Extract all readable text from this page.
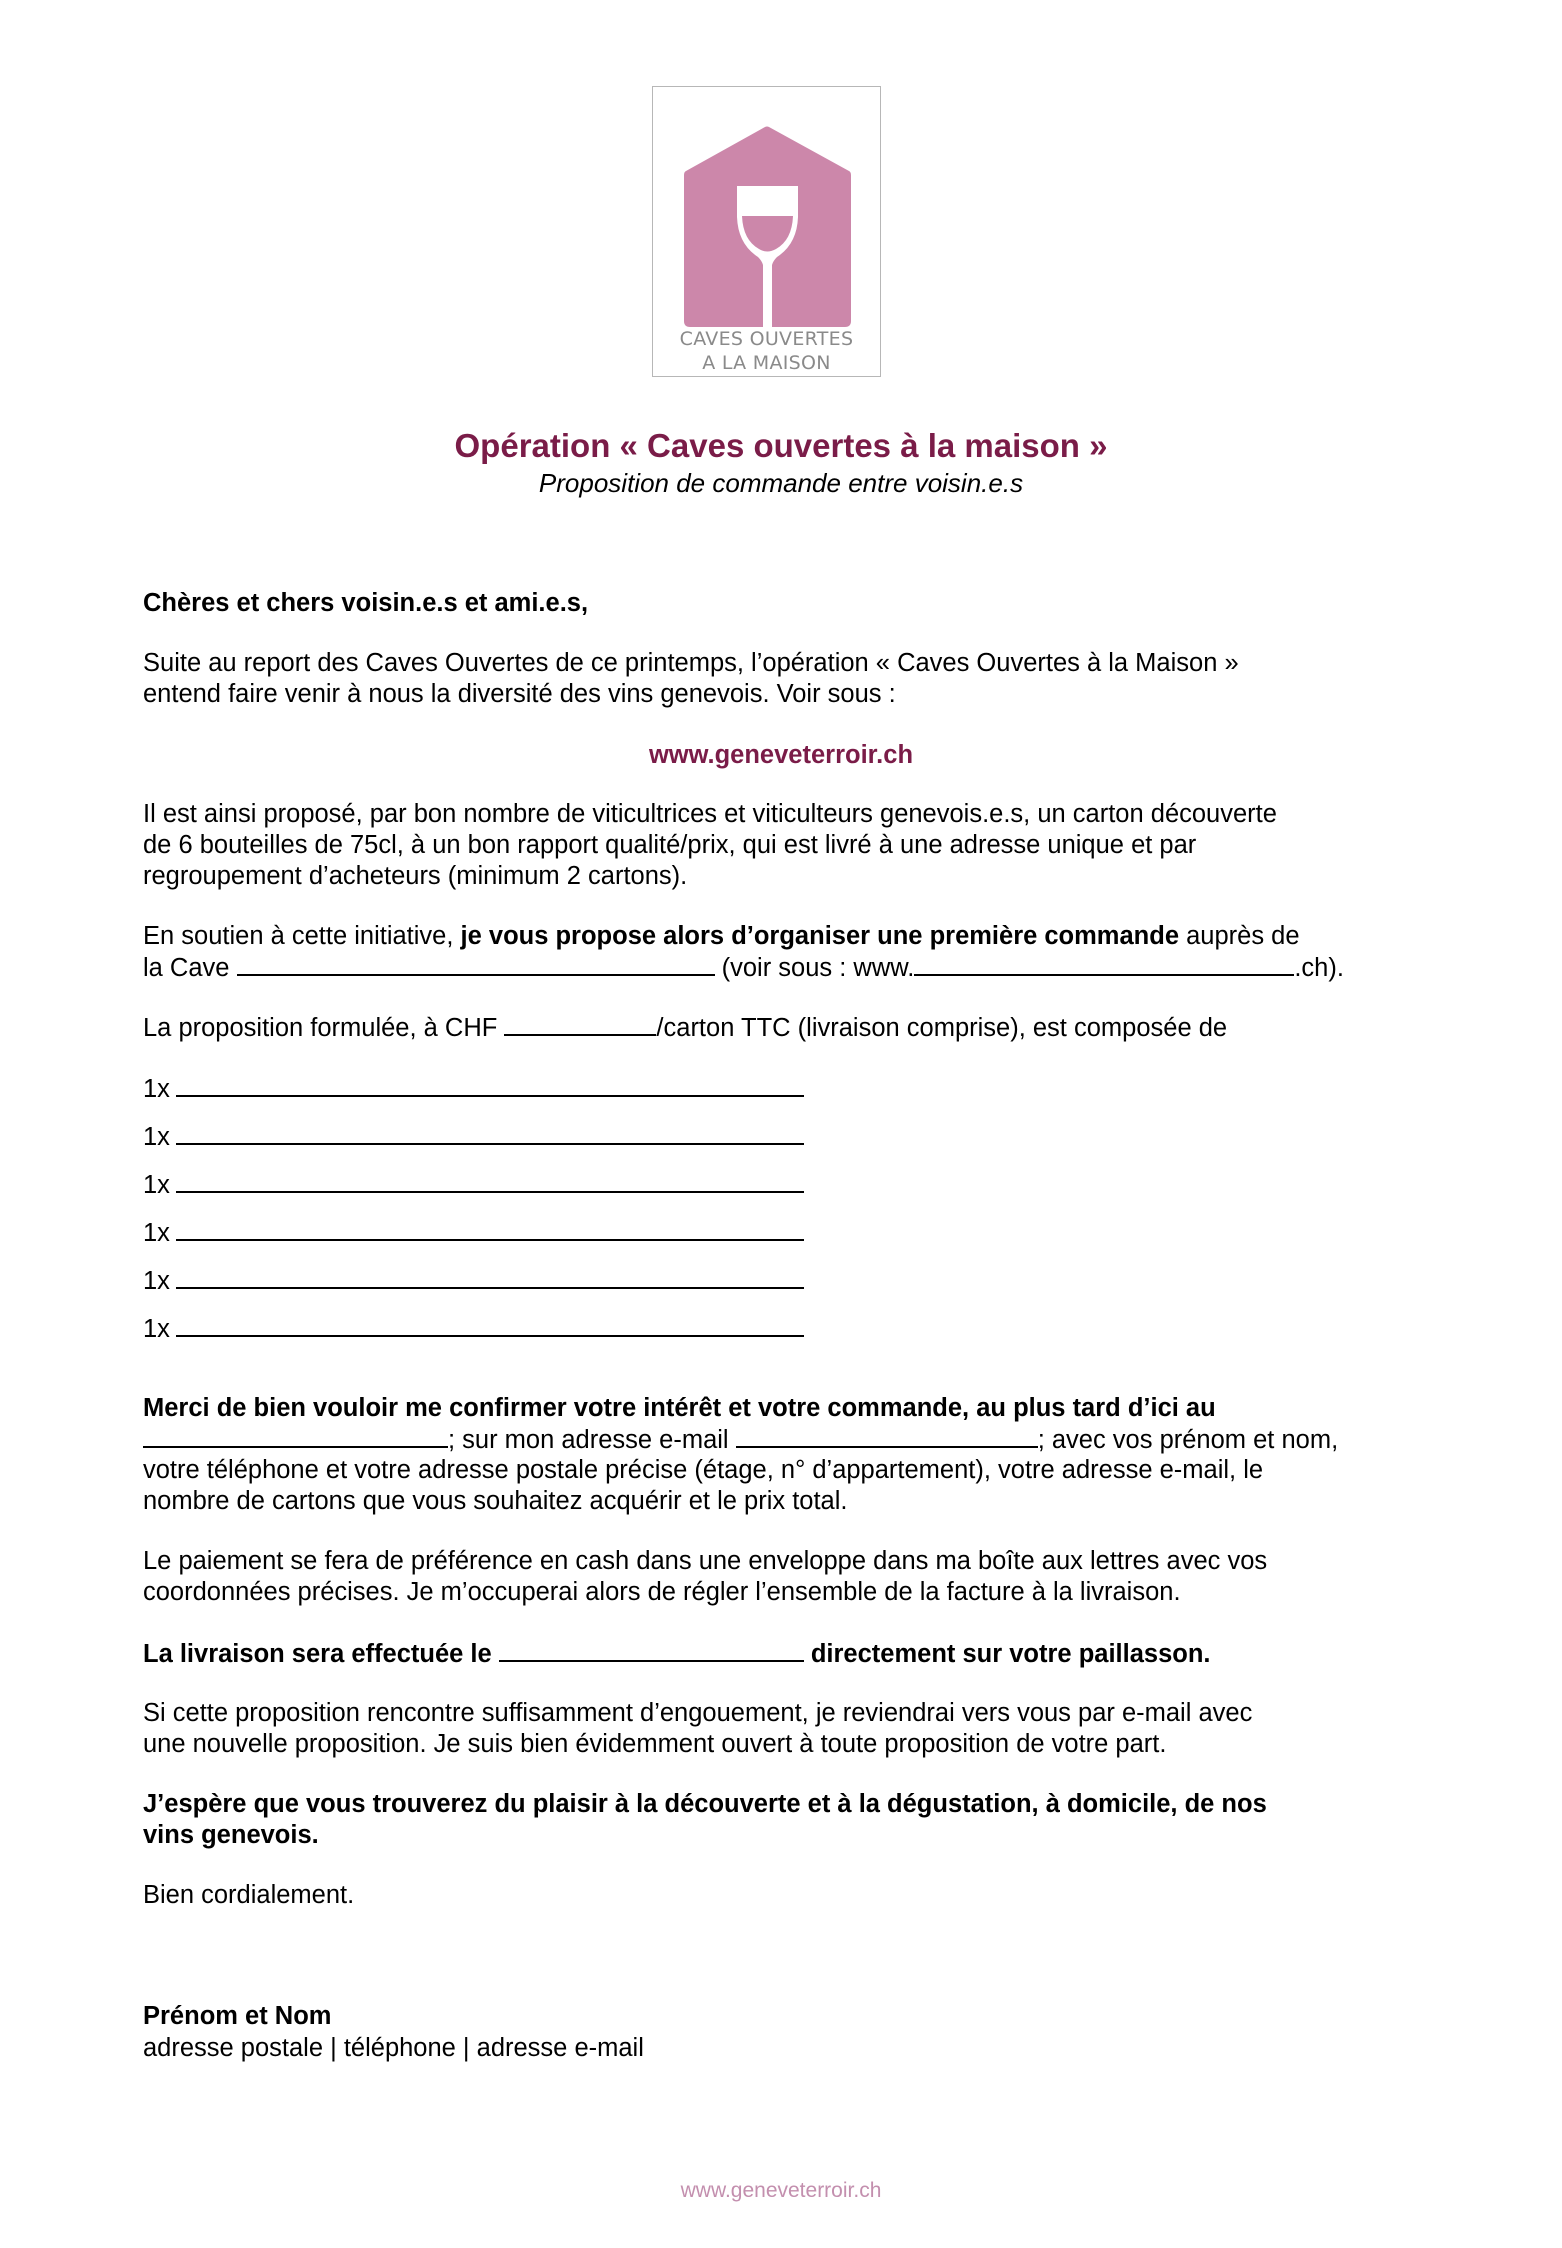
CAVES OUVERTES
A LA MAISON
Opération « Caves ouvertes à la maison »
Proposition de commande entre voisin.e.s
Chères et chers voisin.e.s et ami.e.s,
Suite au report des Caves Ouvertes de ce printemps, l’opération « Caves Ouvertes à la Maison »
entend faire venir à nous la diversité des vins genevois. Voir sous :
www.geneveterroir.ch
Il est ainsi proposé, par bon nombre de viticultrices et viticulteurs genevois.e.s, un carton découverte
de 6 bouteilles de 75cl, à un bon rapport qualité/prix, qui est livré à une adresse unique et par
regroupement d’acheteurs (minimum 2 cartons).
En soutien à cette initiative, je vous propose alors d’organiser une première commande auprès de
la Cave	(voir sous : www.	.ch).
La proposition formulée, à CHF	/carton TTC (livraison comprise), est composée de
1x
1x
1x
1x
1x
1x
Merci de bien vouloir me confirmer votre intérêt et votre commande, au plus tard d’ici au
; sur mon adresse e-mail	; avec vos prénom et nom,
votre téléphone et votre adresse postale précise (étage, n° d’appartement), votre adresse e-mail, le
nombre de cartons que vous souhaitez acquérir et le prix total.
Le paiement se fera de préférence en cash dans une enveloppe dans ma boîte aux lettres avec vos
coordonnées précises. Je m’occuperai alors de régler l’ensemble de la facture à la livraison.
La livraison sera effectuée le	directement sur votre paillasson.
Si cette proposition rencontre suffisamment d’engouement, je reviendrai vers vous par e-mail avec
une nouvelle proposition. Je suis bien évidemment ouvert à toute proposition de votre part.
J’espère que vous trouverez du plaisir à la découverte et à la dégustation, à domicile, de nos
vins genevois.
Bien cordialement.
Prénom et Nom
adresse postale | téléphone | adresse e-mail
www.geneveterroir.ch
